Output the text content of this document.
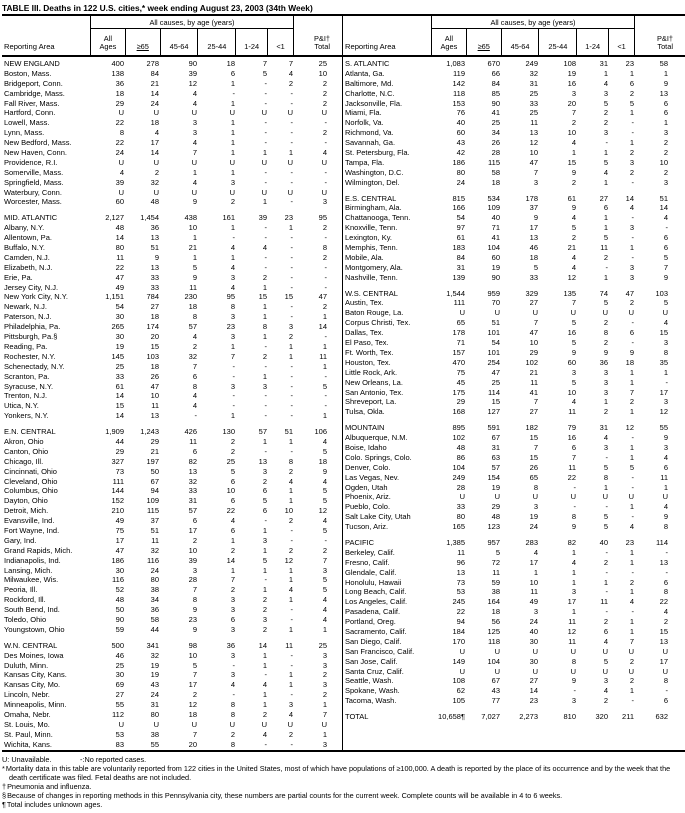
TABLE III. Deaths in 122 U.S. cities,* week ending August 23, 2003 (34th Week)
Reporting Area
All causes, by age (years)
All
Ages	≥65	45-64	25-44	1-24	<1
P&I†
Total
NEW ENGLAND	400	278	90	18	7	7	25
Boston, Mass.	138	84	39	6	5	4	10
Bridgeport, Conn.	36	21	12	1	-	2	2
Cambridge, Mass.	18	14	4	-	-	-	2
Fall River, Mass.	29	24	4	1	-	-	2
Hartford, Conn.	U	U	U	U	U	U	U
Lowell, Mass.	22	18	3	1	-	-	-
Lynn, Mass.	8	4	3	1	-	-	2
New Bedford, Mass.	22	17	4	1	-	-	-
New Haven, Conn.	24	14	7	1	1	1	4
Providence, R.I.	U	U	U	U	U	U	U
Somerville, Mass.	4	2	1	1	-	-	-
Springfield, Mass.	39	32	4	3	-	-	-
Waterbury, Conn.	U	U	U	U	U	U	U
Worcester, Mass.	60	48	9	2	1	-	3
MID. ATLANTIC	2,127	1,454	438	161	39	23	95
Albany, N.Y.	48	36	10	1	-	1	2
Allentown, Pa.	14	13	1	-	-	-	-
Buffalo, N.Y.	80	51	21	4	4	-	8
Camden, N.J.	11	9	1	1	-	-	2
Elizabeth, N.J.	22	13	5	4	-	-	-
Erie, Pa.	47	33	9	3	2	-	-
Jersey City, N.J.	49	33	11	4	1	-	-
New York City, N.Y.	1,151	784	230	95	15	15	47
Newark, N.J.	54	27	18	8	1	-	2
Paterson, N.J.	30	18	8	3	1	-	1
Philadelphia, Pa.	265	174	57	23	8	3	14
Pittsburgh, Pa.§	30	20	4	3	1	2	-
Reading, Pa.	19	15	2	1	-	1	1
Rochester, N.Y.	145	103	32	7	2	1	11
Schenectady, N.Y.	25	18	7	-	-	-	1
Scranton, Pa.	33	26	6	-	1	-	-
Syracuse, N.Y.	61	47	8	3	3	-	5
Trenton, N.J.	14	10	4	-	-	-	-
Utica, N.Y.	15	11	4	-	-	-	-
Yonkers, N.Y.	14	13	-	1	-	-	1
E.N. CENTRAL	1,909	1,243	426	130	57	51	106
Akron, Ohio	44	29	11	2	1	1	4
Canton, Ohio	29	21	6	2	-	-	5
Chicago, Ill.	327	197	82	25	13	8	18
Cincinnati, Ohio	73	50	13	5	3	2	9
Cleveland, Ohio	111	67	32	6	2	4	4
Columbus, Ohio	144	94	33	10	6	1	5
Dayton, Ohio	152	109	31	6	5	1	5
Detroit, Mich.	210	115	57	22	6	10	12
Evansville, Ind.	49	37	6	4	-	2	4
Fort Wayne, Ind.	75	51	17	6	1	-	5
Gary, Ind.	17	11	2	1	3	-	-
Grand Rapids, Mich.	47	32	10	2	1	2	2
Indianapolis, Ind.	186	116	39	14	5	12	7
Lansing, Mich.	30	24	3	1	1	1	3
Milwaukee, Wis.	116	80	28	7	-	1	5
Peoria, Ill.	52	38	7	2	1	4	5
Rockford, Ill.	48	34	8	3	2	1	4
South Bend, Ind.	50	36	9	3	2	-	4
Toledo, Ohio	90	58	23	6	3	-	4
Youngstown, Ohio	59	44	9	3	2	1	1
W.N. CENTRAL	500	341	98	36	14	11	25
Des Moines, Iowa	46	32	10	3	1	-	3
Duluth, Minn.	25	19	5	-	1	-	3
Kansas City, Kans.	30	19	7	3	-	1	2
Kansas City, Mo.	69	43	17	4	4	1	3
Lincoln, Nebr.	27	24	2	-	1	-	2
Minneapolis, Minn.	55	31	12	8	1	3	1
Omaha, Nebr.	112	80	18	8	2	4	7
St. Louis, Mo.	U	U	U	U	U	U	U
St. Paul, Minn.	53	38	7	2	4	2	1
Wichita, Kans.	83	55	20	8	-	-	3
Reporting Area
All causes, by age (years)
All
Ages	≥65	45-64	25-44	1-24	<1
P&I†
Total
S. ATLANTIC	1,083	670	249	108	31	23	58
Atlanta, Ga.	119	66	32	19	1	1	1
Baltimore, Md.	142	84	31	16	4	6	9
Charlotte, N.C.	118	85	25	3	3	2	13
Jacksonville, Fla.	153	90	33	20	5	5	6
Miami, Fla.	76	41	25	7	2	1	6
Norfolk, Va.	40	25	11	2	2	-	1
Richmond, Va.	60	34	13	10	3	-	3
Savannah, Ga.	43	26	12	4	-	1	2
St. Petersburg, Fla.	42	28	10	1	1	2	2
Tampa, Fla.	186	115	47	15	5	3	10
Washington, D.C.	80	58	7	9	4	2	2
Wilmington, Del.	24	18	3	2	1	-	3
E.S. CENTRAL	815	534	178	61	27	14	51
Birmingham, Ala.	166	109	37	9	6	4	14
Chattanooga, Tenn.	54	40	9	4	1	-	4
Knoxville, Tenn.	97	71	17	5	1	3	-
Lexington, Ky.	61	41	13	2	5	-	6
Memphis, Tenn.	183	104	46	21	11	1	6
Mobile, Ala.	84	60	18	4	2	-	5
Montgomery, Ala.	31	19	5	4	-	3	7
Nashville, Tenn.	139	90	33	12	1	3	9
W.S. CENTRAL	1,544	959	329	135	74	47	103
Austin, Tex.	111	70	27	7	5	2	5
Baton Rouge, La.	U	U	U	U	U	U	U
Corpus Christi, Tex.	65	51	7	5	2	-	4
Dallas, Tex.	178	101	47	16	8	6	15
El Paso, Tex.	71	54	10	5	2	-	3
Ft. Worth, Tex.	157	101	29	9	9	9	8
Houston, Tex.	470	254	102	60	36	18	35
Little Rock, Ark.	75	47	21	3	3	1	1
New Orleans, La.	45	25	11	5	3	1	-
San Antonio, Tex.	175	114	41	10	3	7	17
Shreveport, La.	29	15	7	4	1	2	3
Tulsa, Okla.	168	127	27	11	2	1	12
MOUNTAIN	895	591	182	79	31	12	55
Albuquerque, N.M.	102	67	15	16	4	-	9
Boise, Idaho	48	31	7	6	3	1	3
Colo. Springs, Colo.	86	63	15	7	-	1	4
Denver, Colo.	104	57	26	11	5	5	6
Las Vegas, Nev.	249	154	65	22	8	-	11
Ogden, Utah	28	19	8	-	1	-	1
Phoenix, Ariz.	U	U	U	U	U	U	U
Pueblo, Colo.	33	29	3	-	-	1	4
Salt Lake City, Utah	80	48	19	8	5	-	9
Tucson, Ariz.	165	123	24	9	5	4	8
PACIFIC	1,385	957	283	82	40	23	114
Berkeley, Calif.	11	5	4	1	-	1	-
Fresno, Calif.	96	72	17	4	2	1	13
Glendale, Calif.	13	11	1	1	-	-	-
Honolulu, Hawaii	73	59	10	1	1	2	6
Long Beach, Calif.	53	38	11	3	-	1	8
Los Angeles, Calif.	245	164	49	17	11	4	22
Pasadena, Calif.	22	18	3	1	-	-	4
Portland, Oreg.	94	56	24	11	2	1	2
Sacramento, Calif.	184	125	40	12	6	1	15
San Diego, Calif.	170	118	30	11	4	7	13
San Francisco, Calif.	U	U	U	U	U	U	U
San Jose, Calif.	149	104	30	8	5	2	17
Santa Cruz, Calif.	U	U	U	U	U	U	U
Seattle, Wash.	108	67	27	9	3	2	8
Spokane, Wash.	62	43	14	-	4	1	-
Tacoma, Wash.	105	77	23	3	2	-	6
TOTAL	10,658¶	7,027	2,273	810	320	211	632
U: Unavailable.	-:No reported cases.
*Mortality data in this table are voluntarily reported from 122 cities in the United States, most of which have populations of ≥100,000. A death is reported by the place of its occurrence and by the week that the death certificate was filed. Fetal deaths are not included.
†Pneumonia and influenza.
§Because of changes in reporting methods in this Pennsylvania city, these numbers are partial counts for the current week. Complete counts will be available in 4 to 6 weeks.
¶Total includes unknown ages.
